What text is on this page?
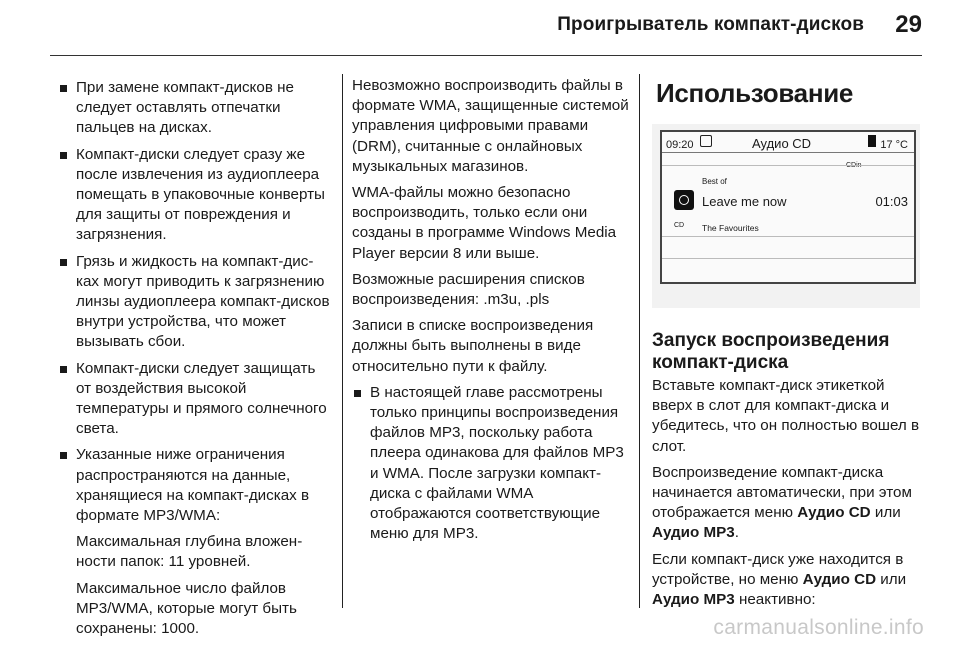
Проигрыватель компакт-дисков 29
При замене компакт-дисков не следует оставлять отпечатки пальцев на дисках.
Компакт-диски следует сразу же после извлечения из аудиоплеера помещать в упаковочные конверты для защиты от повреждения и загрязнения.
Грязь и жидкость на компакт-дисках могут приводить к загрязнению линзы аудиоплеера компакт-дисков внутри устройства, что может вызывать сбои.
Компакт-диски следует защищать от воздействия высокой температуры и прямого солнечного света.
Указанные ниже ограничения распространяются на данные, хранящиеся на компакт-дисках в формате MP3/WMA:
Максимальная глубина вложенности папок: 11 уровней.
Максимальное число файлов MP3/WMA, которые могут быть сохранены: 1000.

Невозможно воспроизводить файлы в формате WMA, защищенные системой управления цифровыми правами (DRM), считанные с онлайновых музыкальных магазинов.

WMA-файлы можно безопасно воспроизводить, только если они созданы в программе Windows Media Player версии 8 или выше.

Возможные расширения списков воспроизведения: .m3u, .pls

Записи в списке воспроизведения должны быть выполнены в виде относительно пути к файлу.

В настоящей главе рассмотрены только принципы воспроизведения файлов MP3, поскольку работа плеера одинакова для файлов MP3 и WMA. После загрузки компакт-диска с файлами WMA отображаются соответствующие меню для MP3.
Использование
09:20	Аудио CD	17 °C
Best of
CD
Leave me now	01:03
The Favourites
Запуск воспроизведения компакт-диска

Вставьте компакт-диск этикеткой вверх в слот для компакт-диска и убедитесь, что он полностью вошел в слот.

Воспроизведение компакт-диска начинается автоматически, при этом отображается меню Аудио CD или Аудио MP3.

Если компакт-диск уже находится в устройстве, но меню Аудио CD или Аудио MP3 неактивно:

carmanualsonline.info
